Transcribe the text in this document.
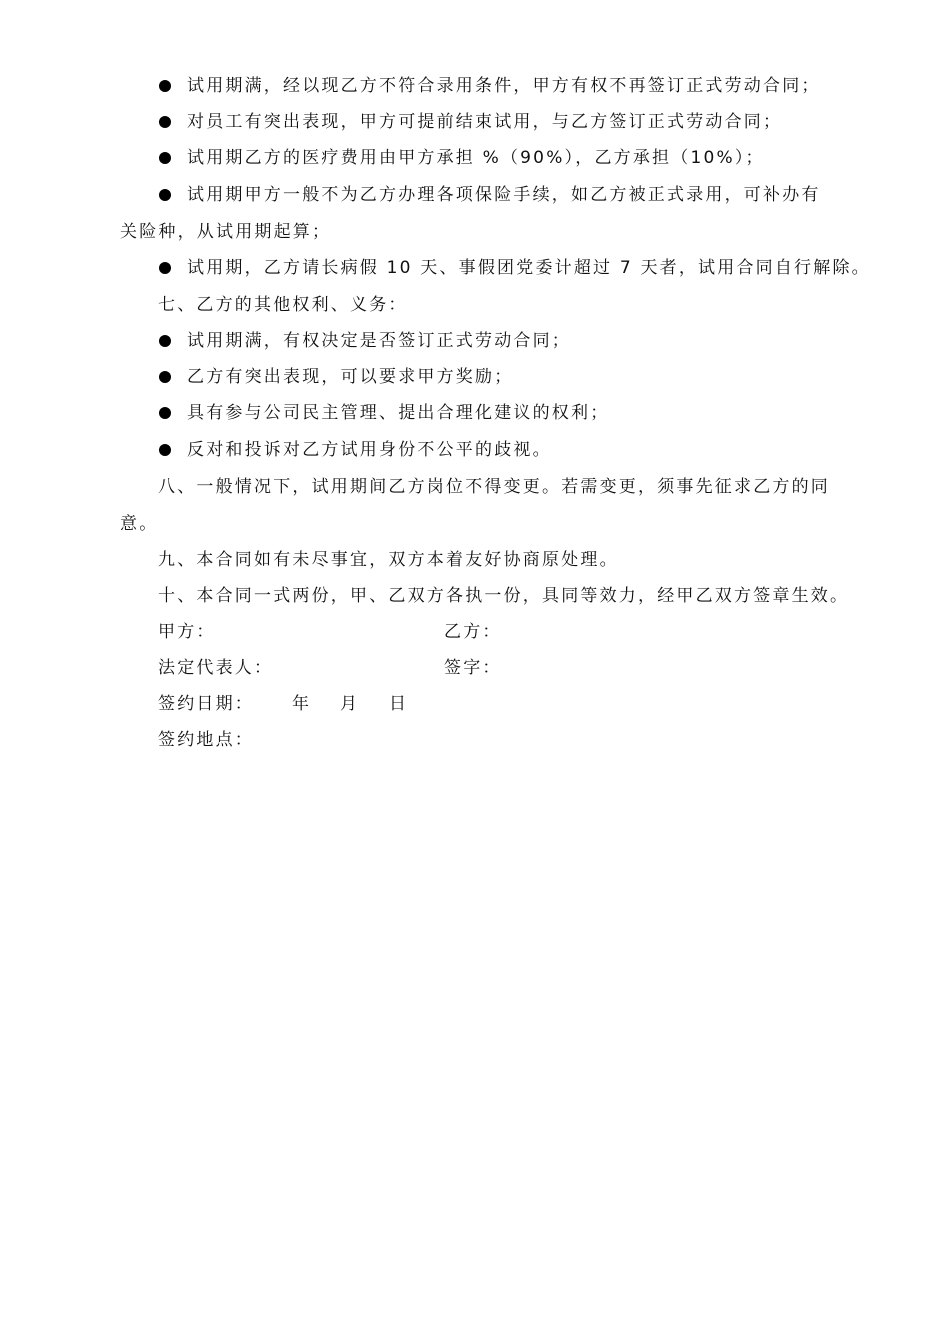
试用期满，经以现乙方不符合录用条件，甲方有权不再签订正式劳动合同；
对员工有突出表现，甲方可提前结束试用，与乙方签订正式劳动合同；
试用期乙方的医疗费用由甲方承担 %（90%），乙方承担（10%）；
试用期甲方一般不为乙方办理各项保险手续，如乙方被正式录用，可补办有
关险种，从试用期起算；
试用期，乙方请长病假 10 天、事假团党委计超过 7 天者，试用合同自行解除。
七、乙方的其他权利、义务：
试用期满，有权决定是否签订正式劳动合同；
乙方有突出表现，可以要求甲方奖励；
具有参与公司民主管理、提出合理化建议的权利；
反对和投诉对乙方试用身份不公平的歧视。
八、一般情况下，试用期间乙方岗位不得变更。若需变更，须事先征求乙方的同
意。
九、本合同如有未尽事宜，双方本着友好协商原处理。
十、本合同一式两份，甲、乙双方各执一份，具同等效力，经甲乙双方签章生效。
甲方：	乙方：
法定代表人：	签字：
签约日期： 年 月 日
签约地点：
